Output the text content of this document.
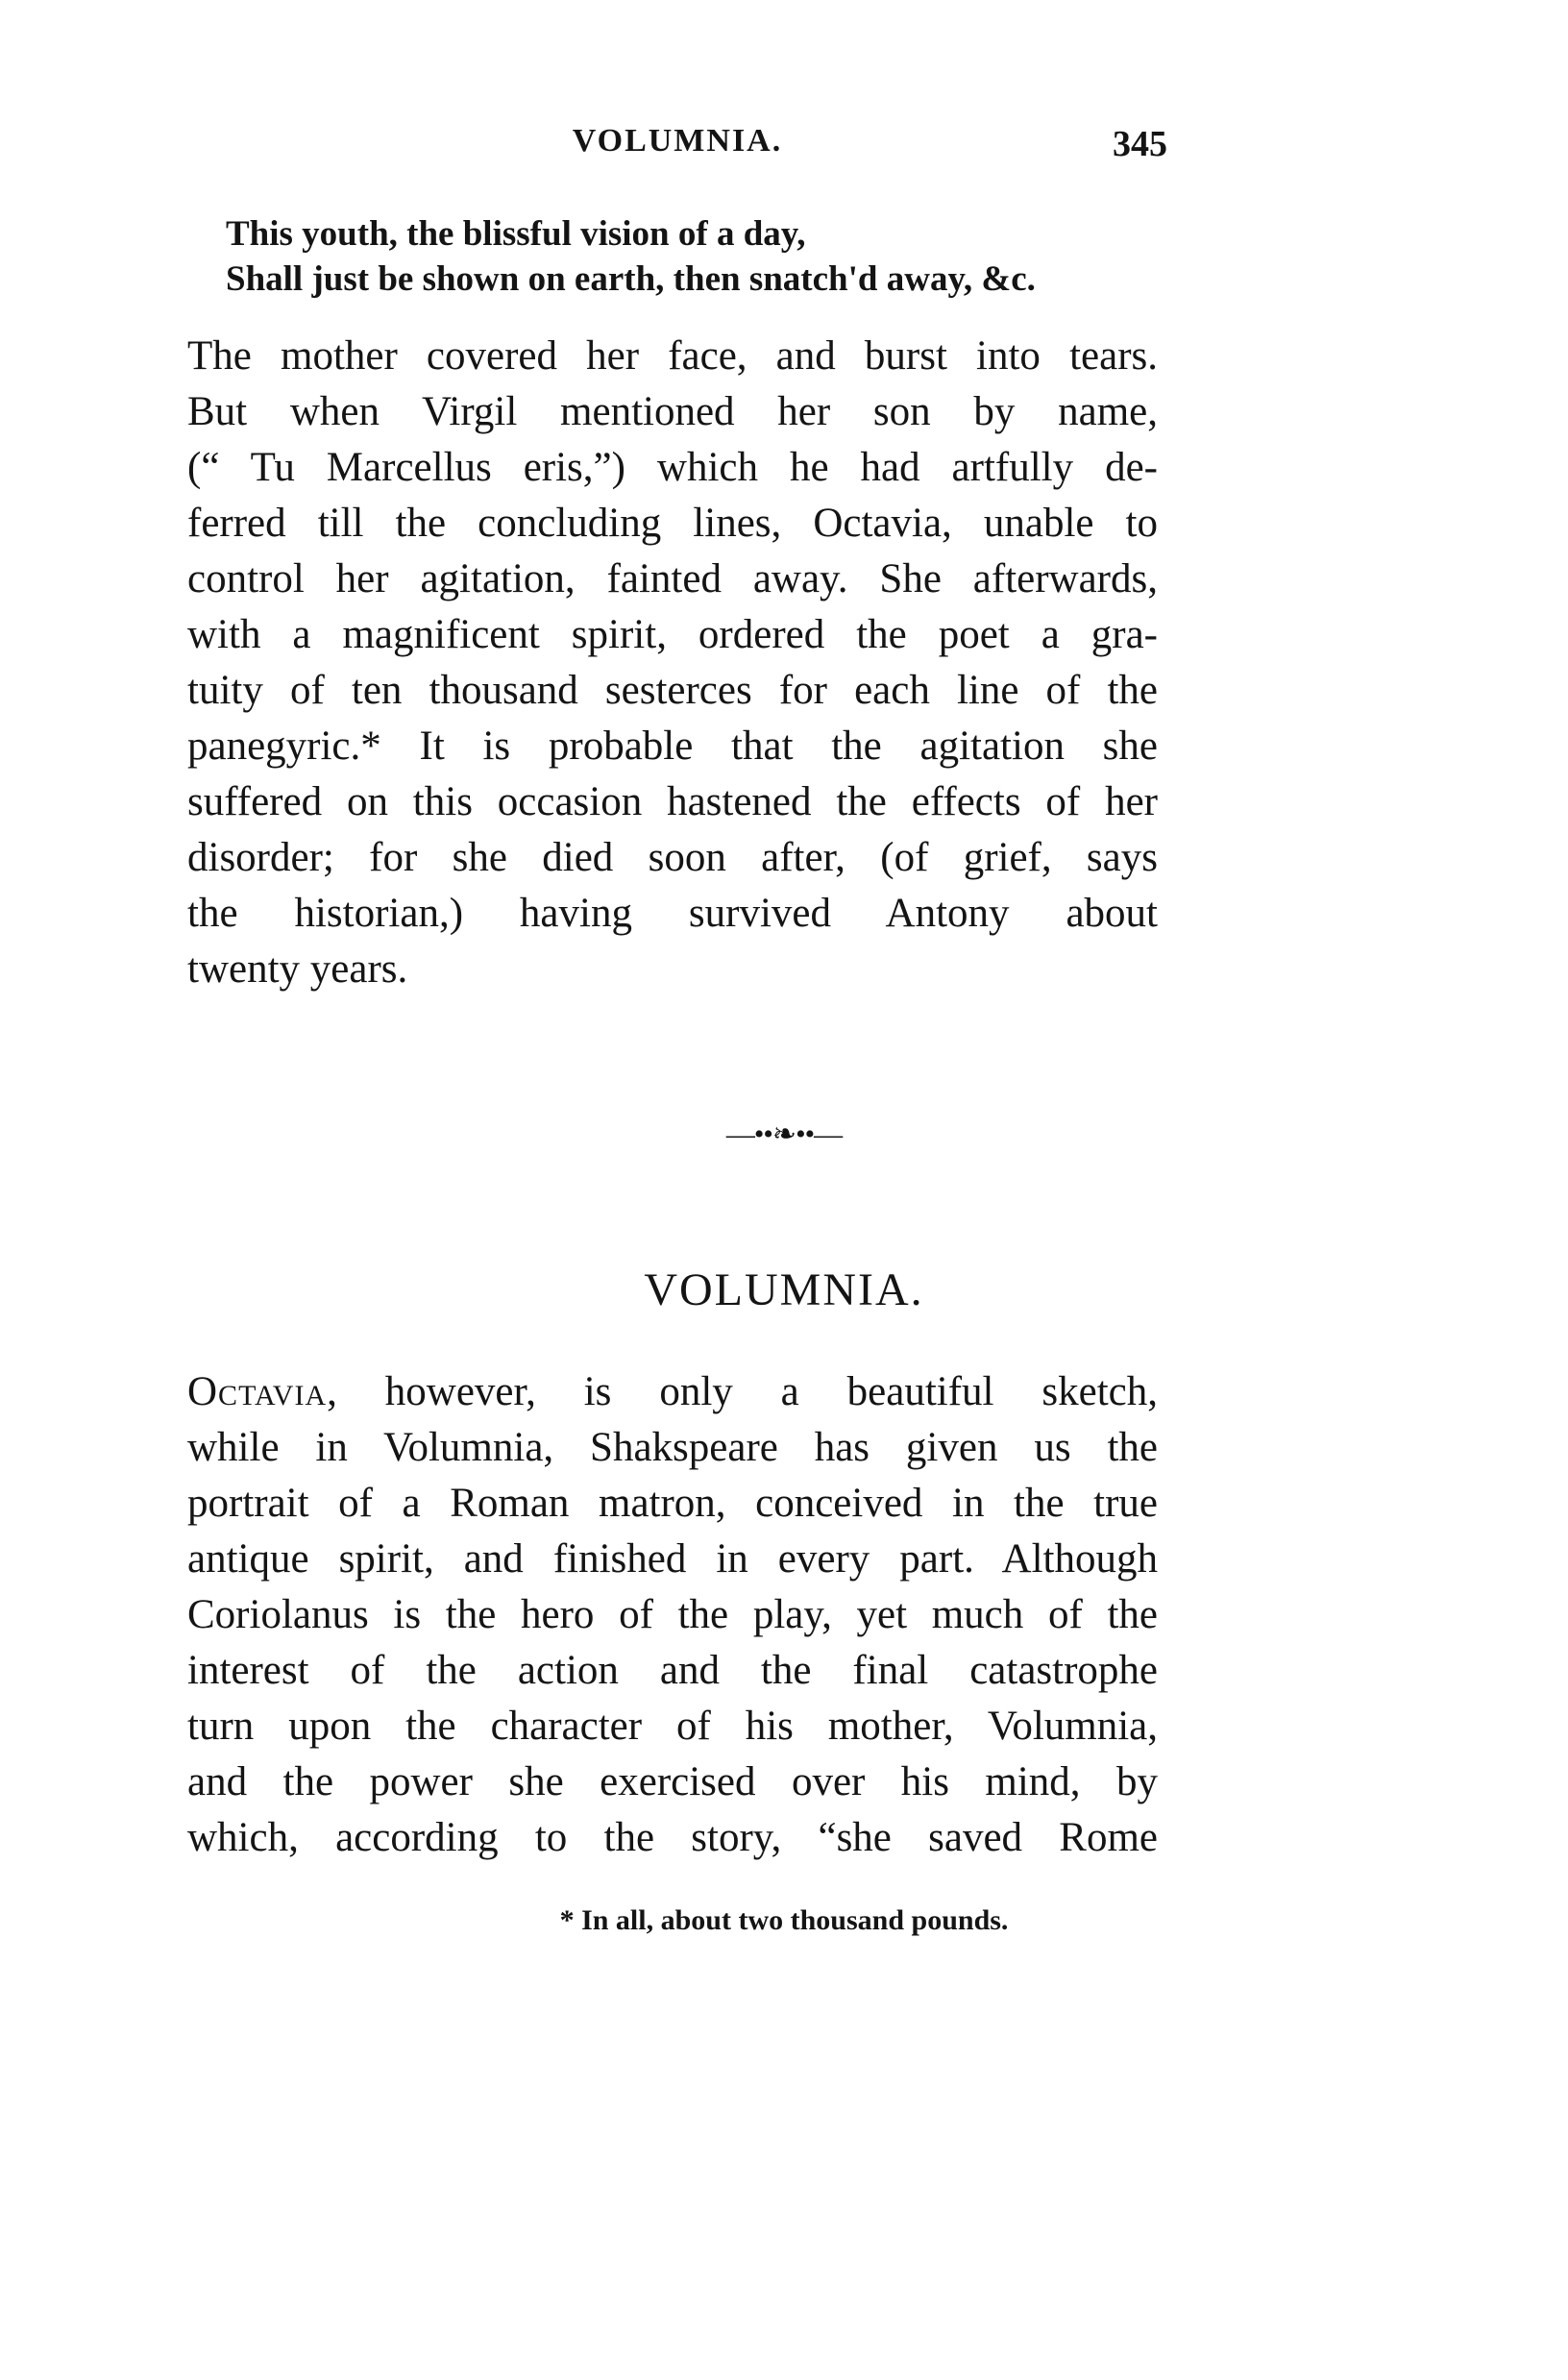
VOLUMNIA.	345
This youth, the blissful vision of a day,
Shall just be shown on earth, then snatch'd away, &c.
The mother covered her face, and burst into tears.
But when Virgil mentioned her son by name,
(“ Tu Marcellus eris,”) which he had artfully de-
ferred till the concluding lines, Octavia, unable to
control her agitation, fainted away. She afterwards,
with a magnificent spirit, ordered the poet a gra-
tuity of ten thousand sesterces for each line of the
panegyric.* It is probable that the agitation she
suffered on this occasion hastened the effects of her
disorder; for she died soon after, (of grief, says
the historian,) having survived Antony about
twenty years.
—••❧••—
VOLUMNIA.
Octavia, however, is only a beautiful sketch,
while in Volumnia, Shakspeare has given us the
portrait of a Roman matron, conceived in the true
antique spirit, and finished in every part. Although
Coriolanus is the hero of the play, yet much of the
interest of the action and the final catastrophe
turn upon the character of his mother, Volumnia,
and the power she exercised over his mind, by
which, according to the story, “she saved Rome
* In all, about two thousand pounds.
